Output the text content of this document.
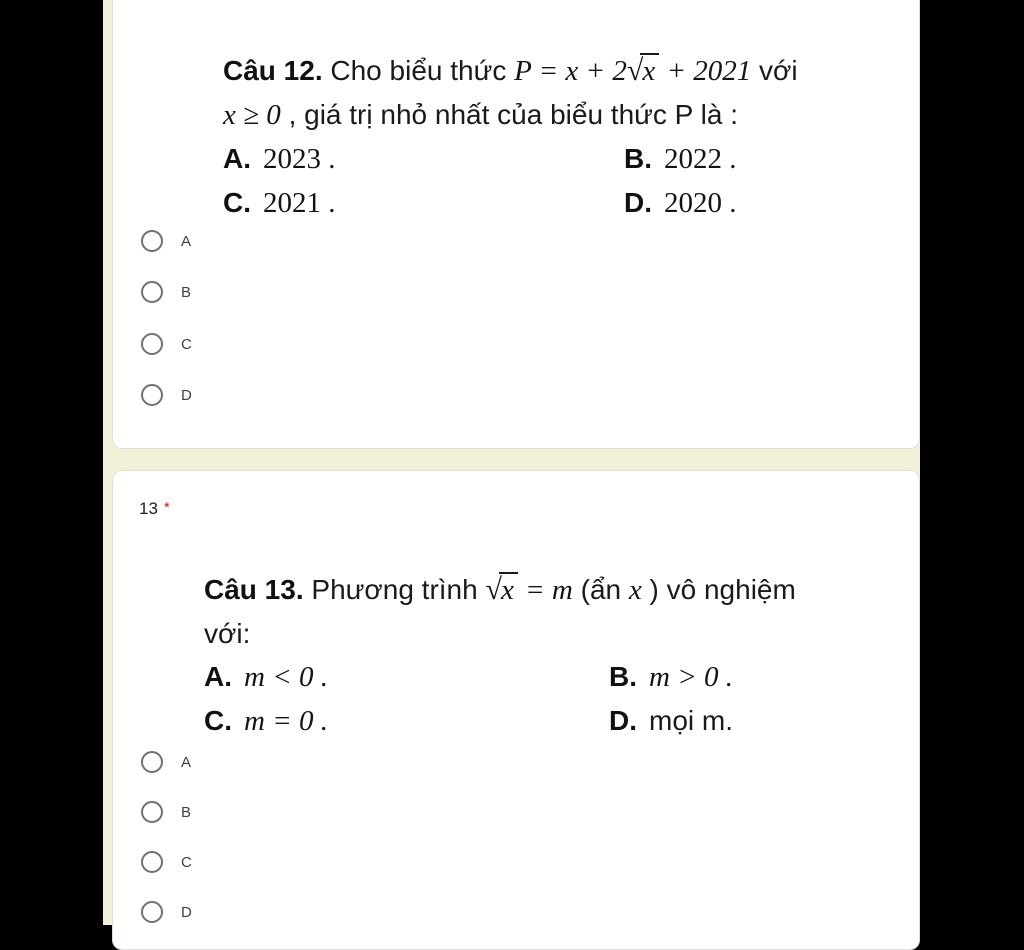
Câu 12. Cho biểu thức P = x + 2√x + 2021 với
x ≥ 0 , giá trị nhỏ nhất của biểu thức P là :
A. 2023 .	B. 2022 .
C. 2021 .	D. 2020 .
A
B
C
D
13 *
Câu 13. Phương trình √x = m (ẩn x ) vô nghiệm
với:
A. m < 0 .	B. m > 0 .
C. m = 0 .	D. mọi m.
A
B
C
D
